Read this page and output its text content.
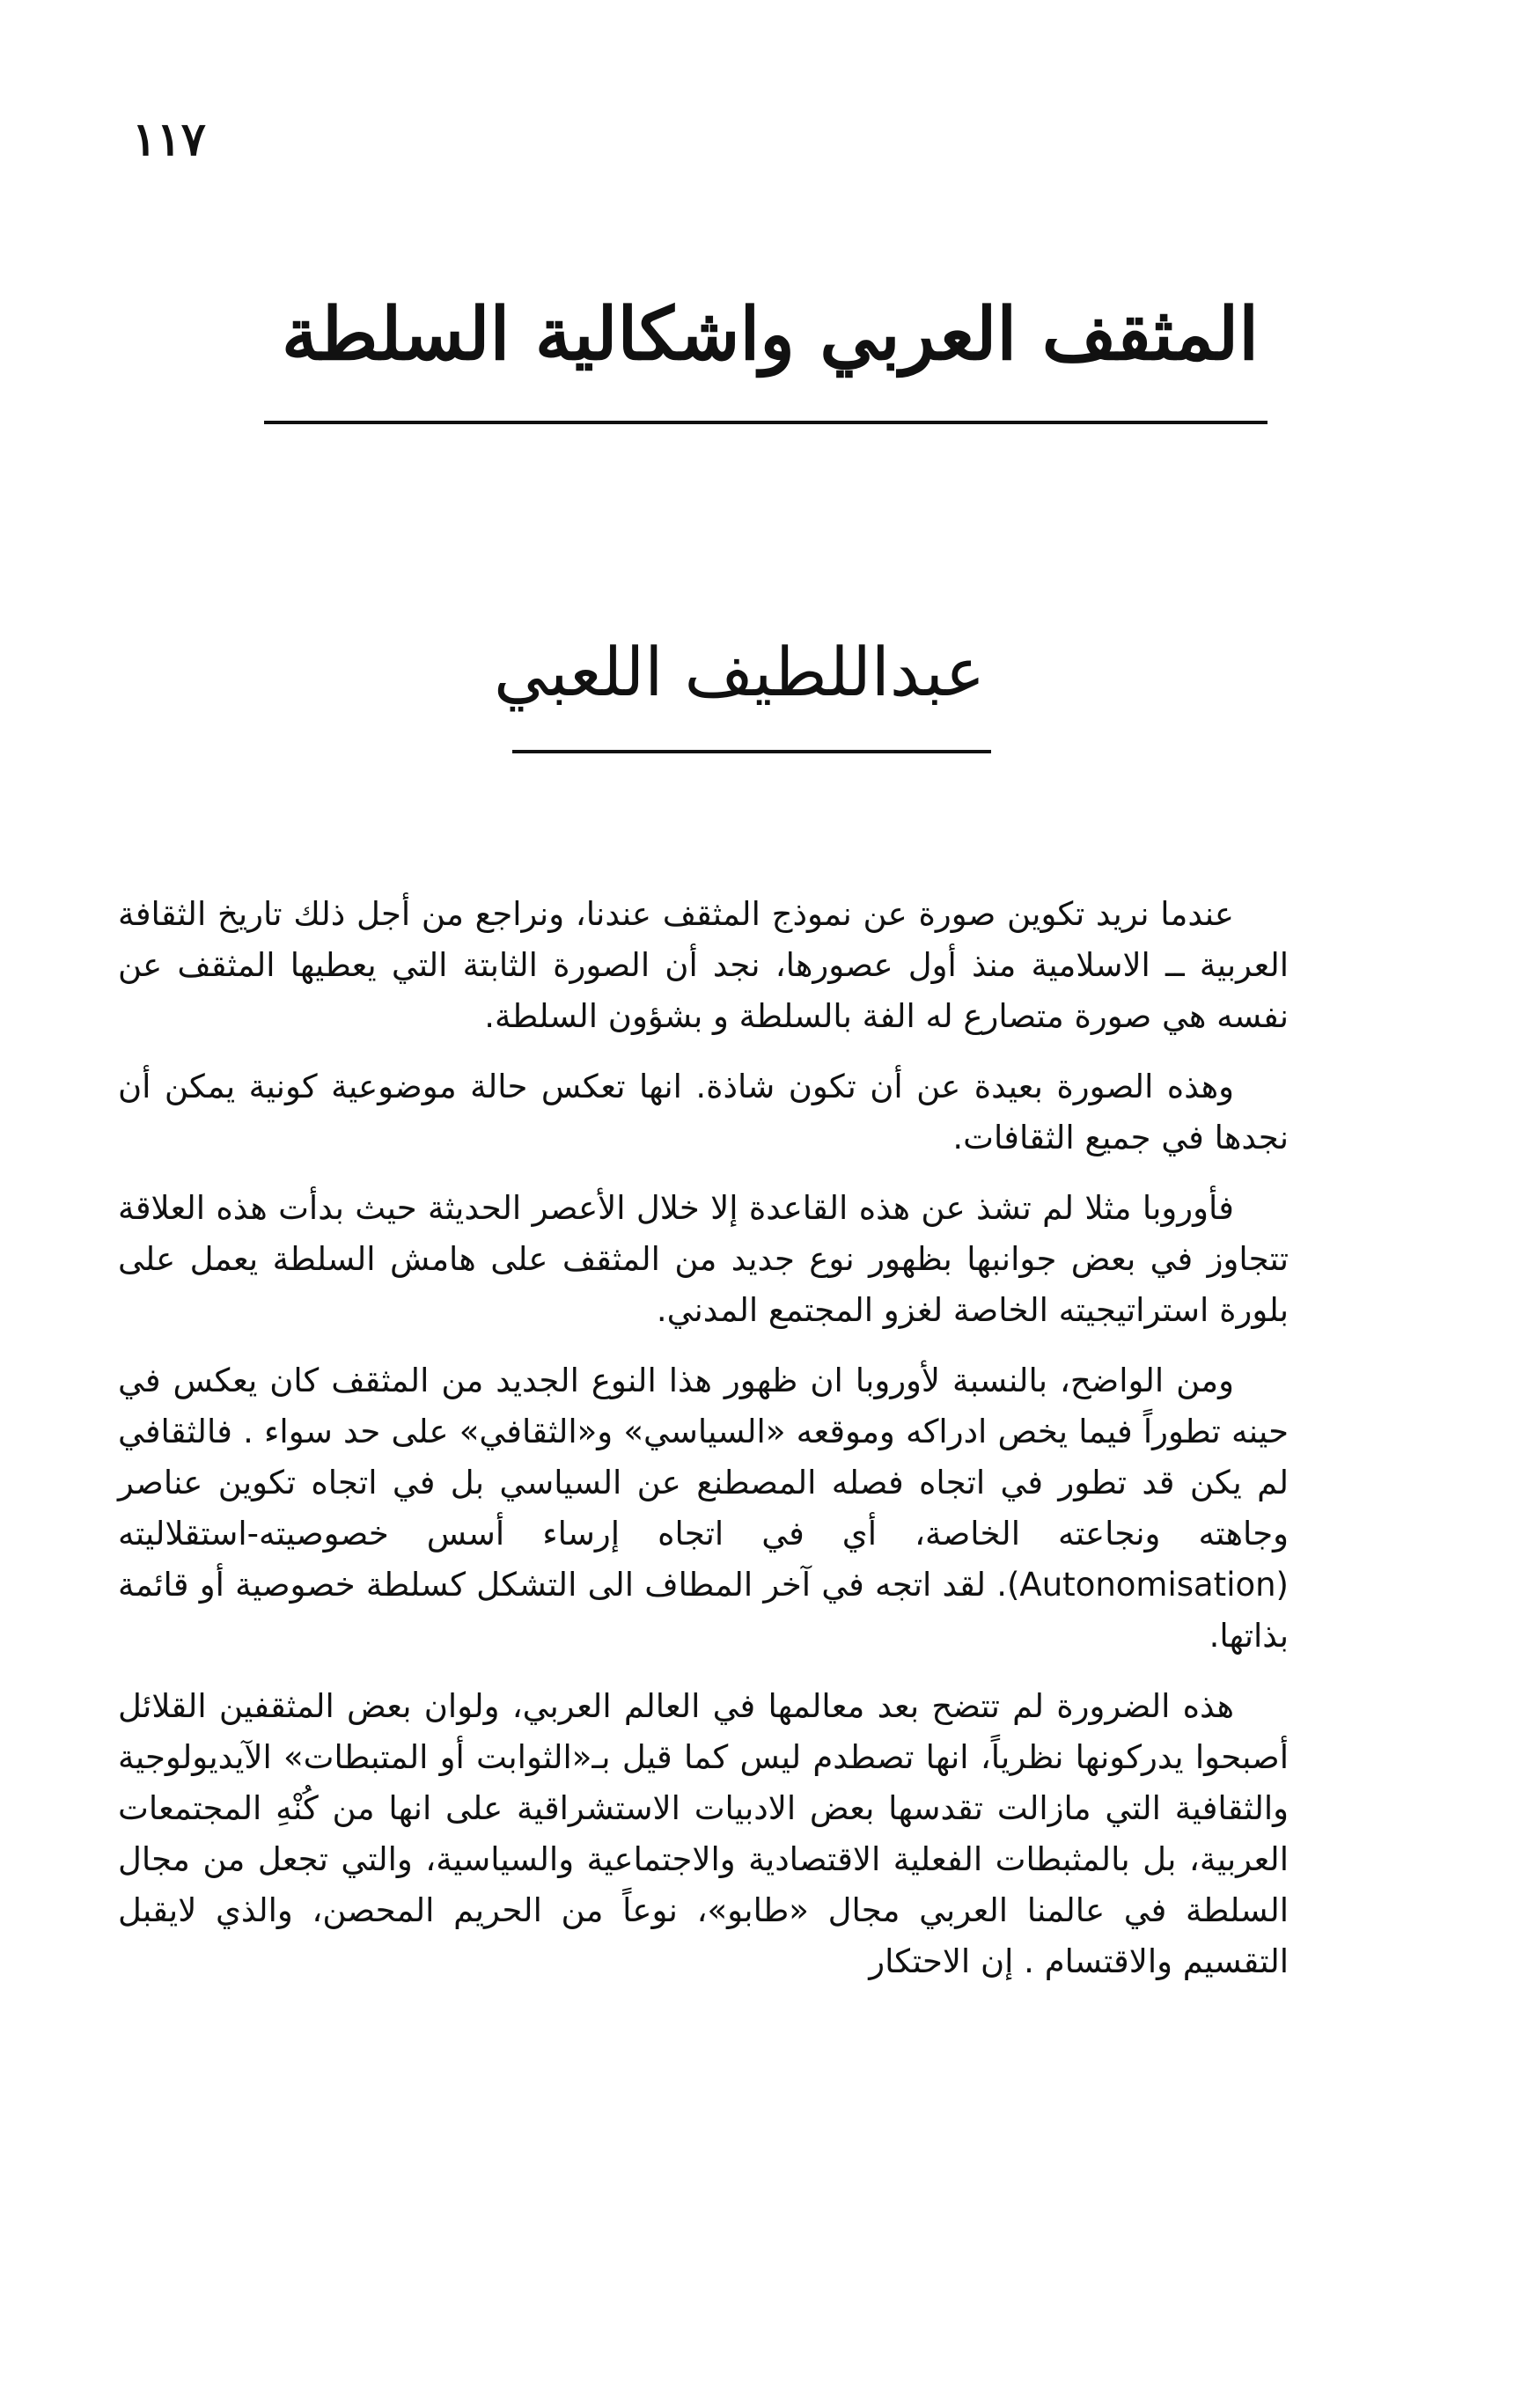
١١٧
المثقف العربي واشكالية السلطة
عبداللطيف اللعبي

عندما نريد تكوين صورة عن نموذج المثقف عندنا، ونراجع من أجل ذلك تاريخ الثقافة العربية ــ الاسلامية منذ أول عصورها، نجد أن الصورة الثابتة التي يعطيها المثقف عن نفسه هي صورة متصارع له الفة بالسلطة و بشؤون السلطة.

وهذه الصورة بعيدة عن أن تكون شاذة. انها تعكس حالة موضوعية كونية يمكن أن نجدها في جميع الثقافات.

فأوروبا مثلا لم تشذ عن هذه القاعدة إلا خلال الأعصر الحديثة حيث بدأت هذه العلاقة تتجاوز في بعض جوانبها بظهور نوع جديد من المثقف على هامش السلطة يعمل على بلورة استراتيجيته الخاصة لغزو المجتمع المدني.

ومن الواضح، بالنسبة لأوروبا ان ظهور هذا النوع الجديد من المثقف كان يعكس في حينه تطوراً فيما يخص ادراكه وموقعه «السياسي» و«الثقافي» على حد سواء . فالثقافي لم يكن قد تطور في اتجاه فصله المصطنع عن السياسي بل في اتجاه تكوين عناصر وجاهته ونجاعته الخاصة، أي في اتجاه إرساء أسس خصوصيته-استقلاليته (Autonomisation). لقد اتجه في آخر المطاف الى التشكل كسلطة خصوصية أو قائمة بذاتها.

هذه الضرورة لم تتضح بعد معالمها في العالم العربي، ولوان بعض المثقفين القلائل أصبحوا يدركونها نظرياً، انها تصطدم ليس كما قيل بـ«الثوابت أو المتبطات» الآيديولوجية والثقافية التي مازالت تقدسها بعض الادبيات الاستشراقية على انها من كُنْهِ المجتمعات العربية، بل بالمثبطات الفعلية الاقتصادية والاجتماعية والسياسية، والتي تجعل من مجال السلطة في عالمنا العربي مجال «طابو»، نوعاً من الحريم المحصن، والذي لايقبل التقسيم والاقتسام . إن الاحتكار
